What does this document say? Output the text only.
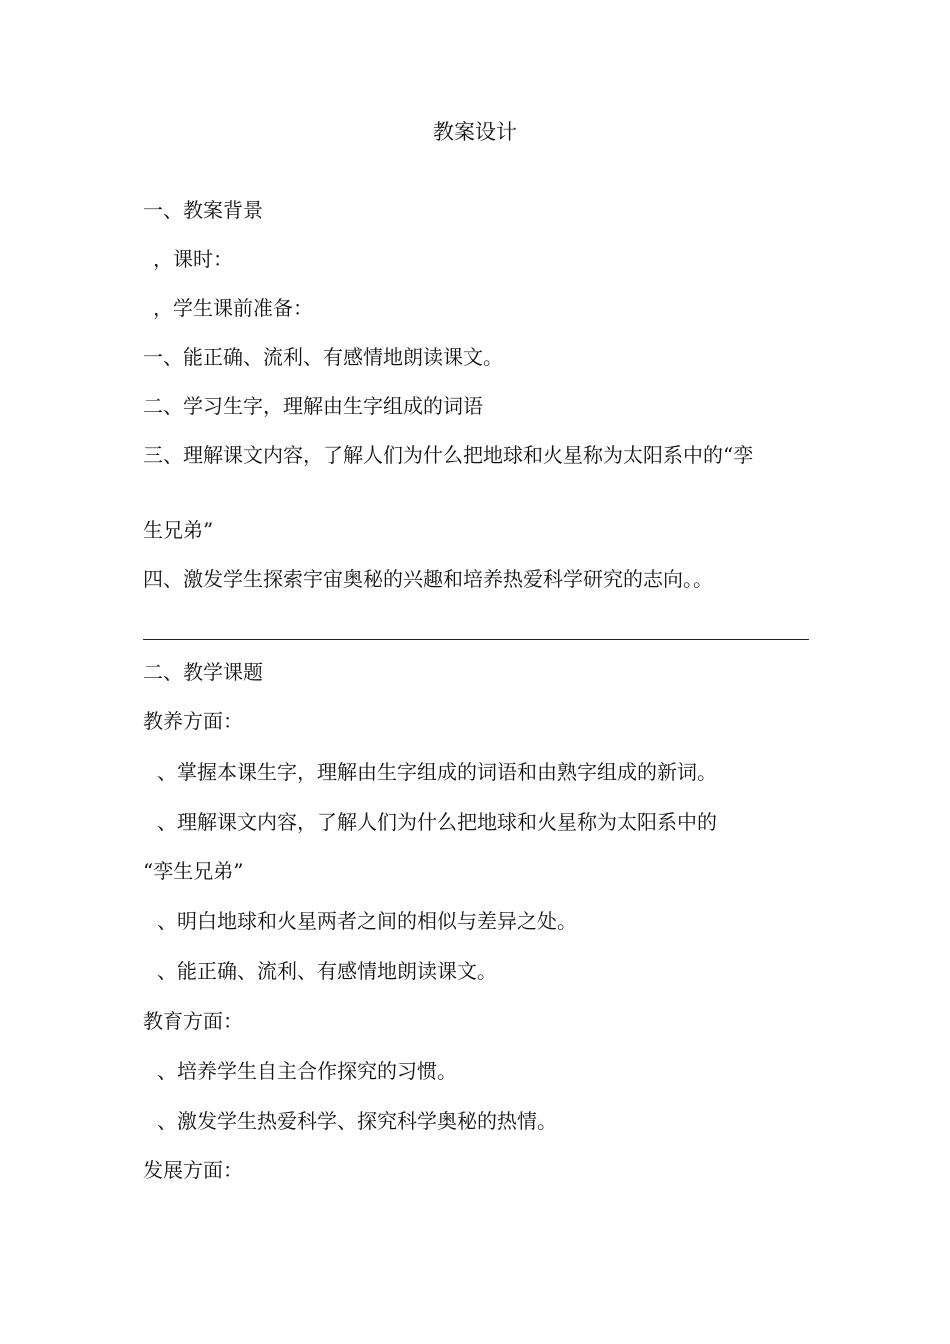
教案设计
一、教案背景
，课时：
，学生课前准备：
一、能正确、流利、有感情地朗读课文。
二、学习生字，理解由生字组成的词语
三、理解课文内容，了解人们为什么把地球和火星称为太阳系中的“孪
生兄弟”
四、激发学生探索宇宙奥秘的兴趣和培养热爱科学研究的志向。。
二、教学课题
教养方面：
、掌握本课生字，理解由生字组成的词语和由熟字组成的新词。
、理解课文内容，了解人们为什么把地球和火星称为太阳系中的
“孪生兄弟”
、明白地球和火星两者之间的相似与差异之处。
、能正确、流利、有感情地朗读课文。
教育方面：
、培养学生自主合作探究的习惯。
、激发学生热爱科学、探究科学奥秘的热情。
发展方面：
